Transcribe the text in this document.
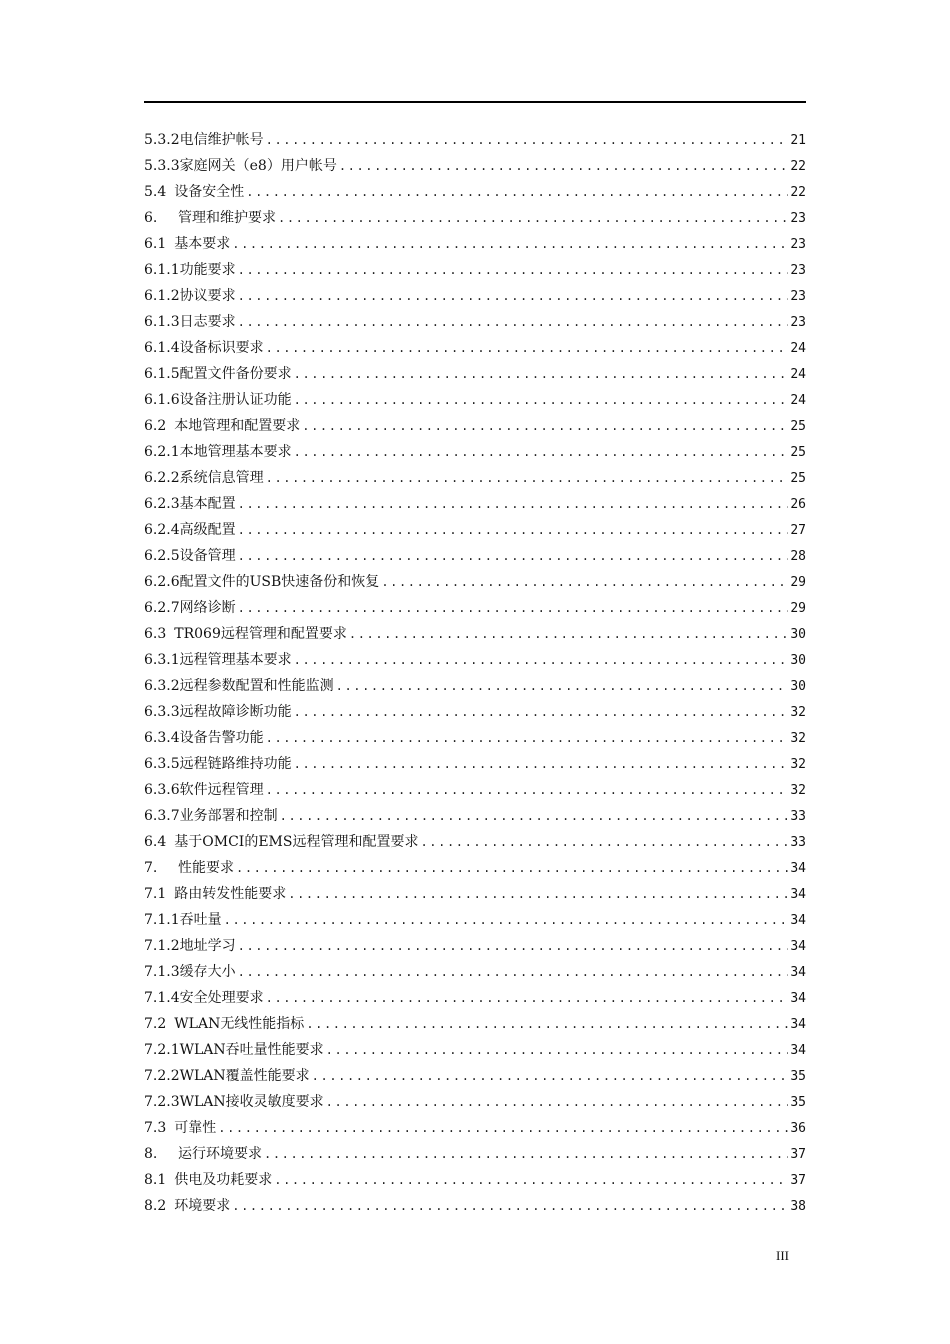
5.3.2 电信维护帐号 .....	21
5.3.3 家庭网关（e8）用户帐号 .....	22
5.4 设备安全性 .....	22
6.	管理和维护要求 .....	23
6.1 基本要求 .....	23
6.1.1 功能要求 .....	23
6.1.2 协议要求 .....	23
6.1.3 日志要求 .....	23
6.1.4 设备标识要求 .....	24
6.1.5 配置文件备份要求 .....	24
6.1.6 设备注册认证功能 .....	24
6.2 本地管理和配置要求 .....	25
6.2.1 本地管理基本要求 .....	25
6.2.2 系统信息管理 .....	25
6.2.3 基本配置 .....	26
6.2.4 高级配置 .....	27
6.2.5 设备管理 .....	28
6.2.6 配置文件的USB快速备份和恢复 .....	29
6.2.7 网络诊断 .....	29
6.3 TR069远程管理和配置要求 .....	30
6.3.1 远程管理基本要求 .....	30
6.3.2 远程参数配置和性能监测 .....	30
6.3.3 远程故障诊断功能 .....	32
6.3.4 设备告警功能 .....	32
6.3.5 远程链路维持功能 .....	32
6.3.6 软件远程管理 .....	32
6.3.7 业务部署和控制 .....	33
6.4 基于OMCI的EMS远程管理和配置要求 .....	33
7.	性能要求 .....	34
7.1 路由转发性能要求 .....	34
7.1.1 吞吐量 .....	34
7.1.2 地址学习 .....	34
7.1.3 缓存大小 .....	34
7.1.4 安全处理要求 .....	34
7.2 WLAN无线性能指标 .....	34
7.2.1 WLAN吞吐量性能要求 .....	34
7.2.2 WLAN覆盖性能要求 .....	35
7.2.3 WLAN接收灵敏度要求 .....	35
7.3 可靠性 .....	36
8.	运行环境要求 .....	37
8.1 供电及功耗要求 .....	37
8.2 环境要求 .....	38
III
